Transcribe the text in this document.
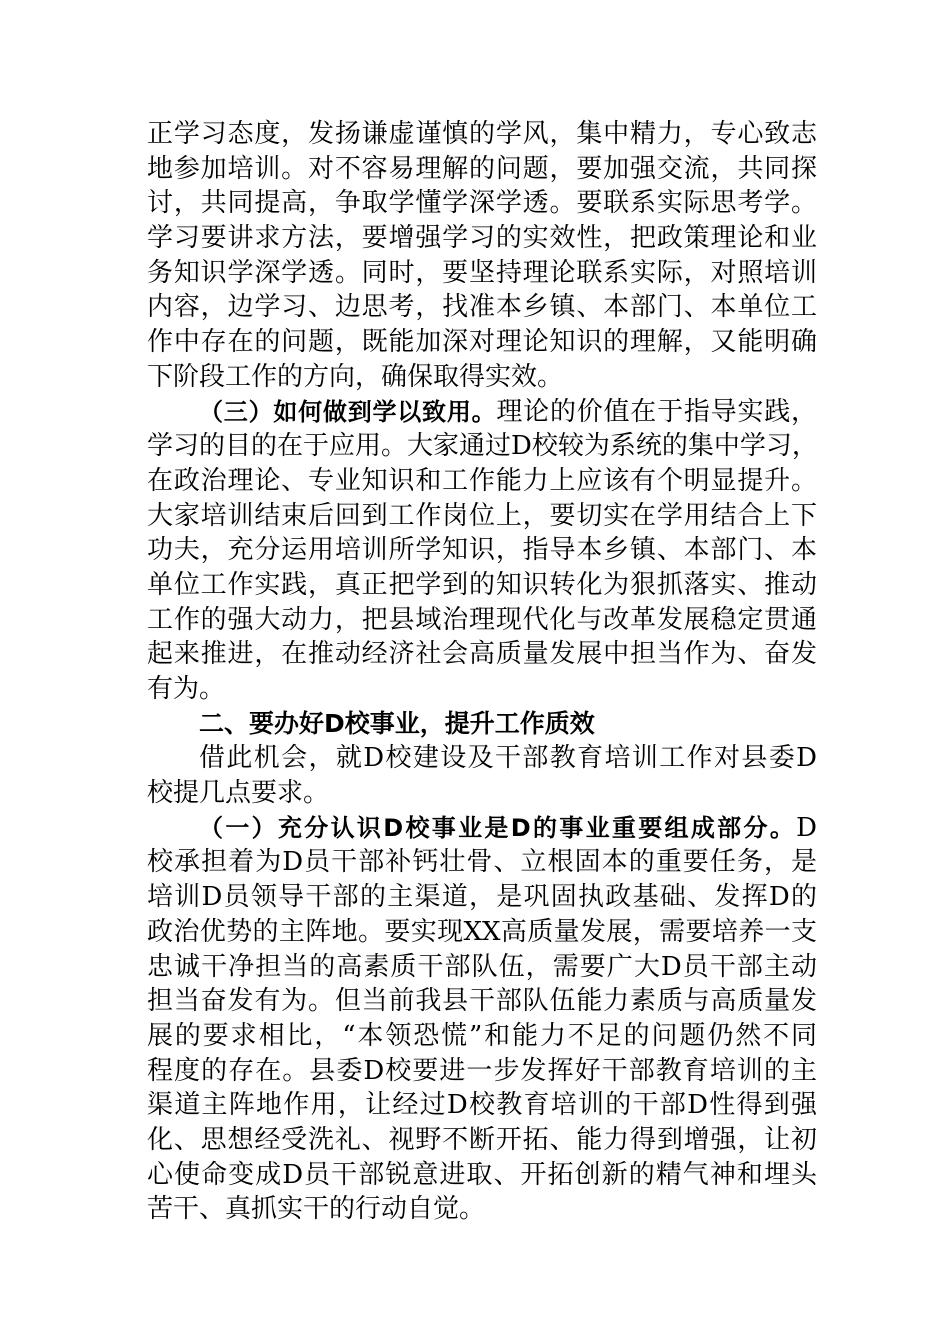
正学习态度，发扬谦虚谨慎的学风，集中精力，专心致志
地参加培训。对不容易理解的问题，要加强交流，共同探
讨，共同提高，争取学懂学深学透。要联系实际思考学。
学习要讲求方法，要增强学习的实效性，把政策理论和业
务知识学深学透。同时，要坚持理论联系实际，对照培训
内容，边学习、边思考，找准本乡镇、本部门、本单位工
作中存在的问题，既能加深对理论知识的理解，又能明确
下阶段工作的方向，确保取得实效。
（三）如何做到学以致用。理论的价值在于指导实践，
学习的目的在于应用。大家通过D校较为系统的集中学习，
在政治理论、专业知识和工作能力上应该有个明显提升。
大家培训结束后回到工作岗位上，要切实在学用结合上下
功夫，充分运用培训所学知识，指导本乡镇、本部门、本
单位工作实践，真正把学到的知识转化为狠抓落实、推动
工作的强大动力，把县域治理现代化与改革发展稳定贯通
起来推进，在推动经济社会高质量发展中担当作为、奋发
有为。
二、要办好D校事业，提升工作质效
借此机会，就D校建设及干部教育培训工作对县委D
校提几点要求。
（一）充分认识D校事业是D的事业重要组成部分。D
校承担着为D员干部补钙壮骨、立根固本的重要任务，是
培训D员领导干部的主渠道，是巩固执政基础、发挥D的
政治优势的主阵地。要实现XX高质量发展，需要培养一支
忠诚干净担当的高素质干部队伍，需要广大D员干部主动
担当奋发有为。但当前我县干部队伍能力素质与高质量发
展的要求相比，“本领恐慌”和能力不足的问题仍然不同
程度的存在。县委D校要进一步发挥好干部教育培训的主
渠道主阵地作用，让经过D校教育培训的干部D性得到强
化、思想经受洗礼、视野不断开拓、能力得到增强，让初
心使命变成D员干部锐意进取、开拓创新的精气神和埋头
苦干、真抓实干的行动自觉。
